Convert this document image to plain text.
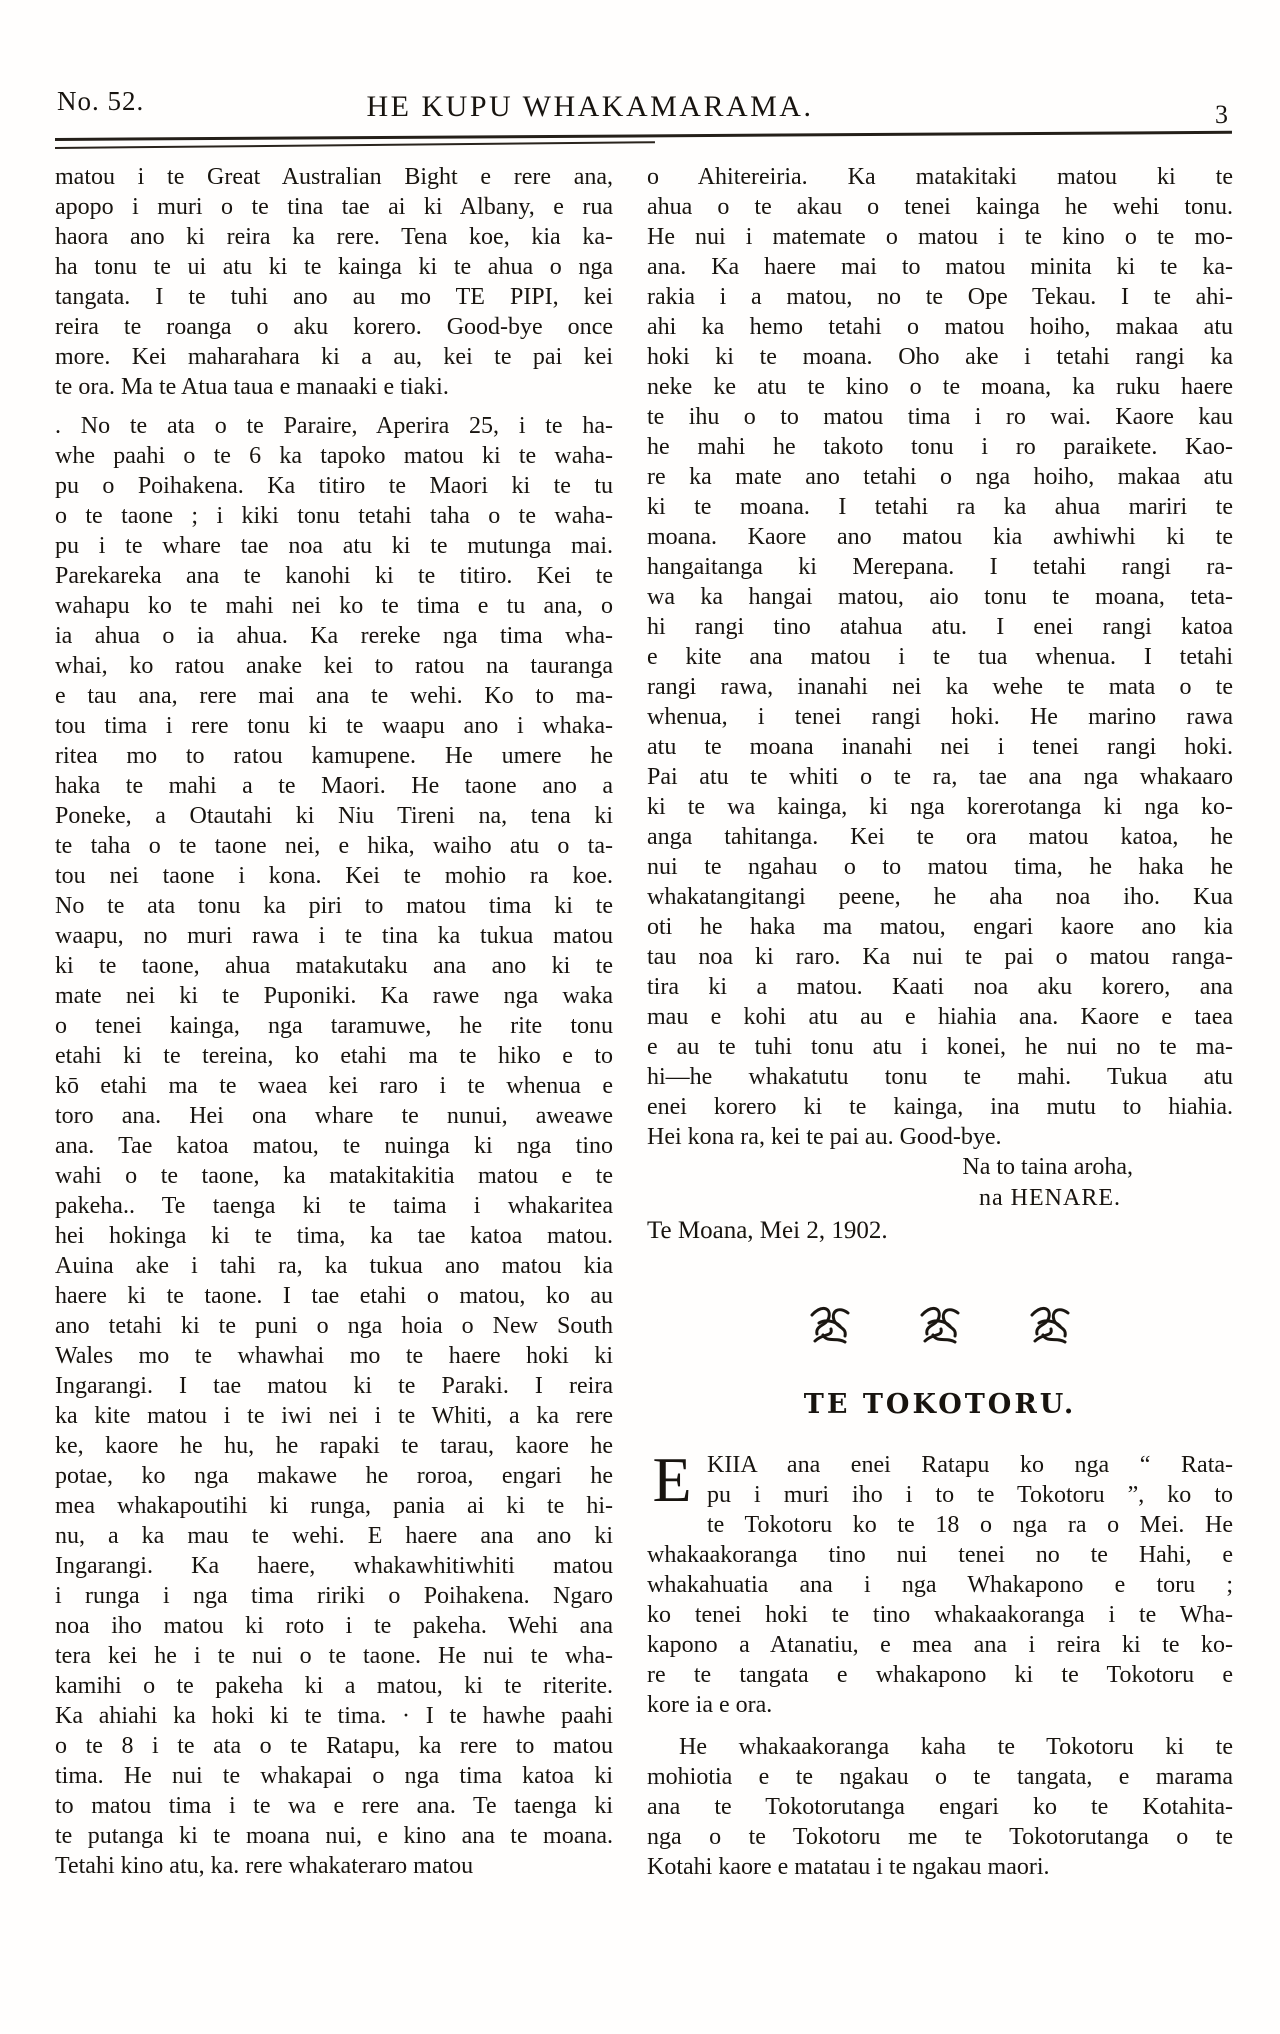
No. 52.	HE KUPU WHAKAMARAMA.	3
matou i te Great Australian Bight e rere ana,
apopo i muri o te tina tae ai ki Albany, e rua
haora ano ki reira ka rere. Tena koe, kia ka-
ha tonu te ui atu ki te kainga ki te ahua o nga
tangata. I te tuhi ano au mo TE PIPI, kei
reira te roanga o aku korero. Good-bye once
more. Kei maharahara ki a au, kei te pai kei
te ora. Ma te Atua taua e manaaki e tiaki.
. No te ata o te Paraire, Aperira 25, i te ha-
whe paahi o te 6 ka tapoko matou ki te waha-
pu o Poihakena. Ka titiro te Maori ki te tu
o te taone ; i kiki tonu tetahi taha o te waha-
pu i te whare tae noa atu ki te mutunga mai.
Parekareka ana te kanohi ki te titiro. Kei te
wahapu ko te mahi nei ko te tima e tu ana, o
ia ahua o ia ahua. Ka rereke nga tima wha-
whai, ko ratou anake kei to ratou na tauranga
e tau ana, rere mai ana te wehi. Ko to ma-
tou tima i rere tonu ki te waapu ano i whaka-
ritea mo to ratou kamupene. He umere he
haka te mahi a te Maori. He taone ano a
Poneke, a Otautahi ki Niu Tireni na, tena ki
te taha o te taone nei, e hika, waiho atu o ta-
tou nei taone i kona. Kei te mohio ra koe.
No te ata tonu ka piri to matou tima ki te
waapu, no muri rawa i te tina ka tukua matou
ki te taone, ahua matakutaku ana ano ki te
mate nei ki te Puponiki. Ka rawe nga waka
o tenei kainga, nga taramuwe, he rite tonu
etahi ki te tereina, ko etahi ma te hiko e to
kō etahi ma te waea kei raro i te whenua e
toro ana. Hei ona whare te nunui, aweawe
ana. Tae katoa matou, te nuinga ki nga tino
wahi o te taone, ka matakitakitia matou e te
pakeha.. Te taenga ki te taima i whakaritea
hei hokinga ki te tima, ka tae katoa matou.
Auina ake i tahi ra, ka tukua ano matou kia
haere ki te taone. I tae etahi o matou, ko au
ano tetahi ki te puni o nga hoia o New South
Wales mo te whawhai mo te haere hoki ki
Ingarangi. I tae matou ki te Paraki. I reira
ka kite matou i te iwi nei i te Whiti, a ka rere
ke, kaore he hu, he rapaki te tarau, kaore he
potae, ko nga makawe he roroa, engari he
mea whakapoutihi ki runga, pania ai ki te hi-
nu, a ka mau te wehi. E haere ana ano ki
Ingarangi. Ka haere, whakawhitiwhiti matou
i runga i nga tima ririki o Poihakena. Ngaro
noa iho matou ki roto i te pakeha. Wehi ana
tera kei he i te nui o te taone. He nui te wha-
kamihi o te pakeha ki a matou, ki te riterite.
Ka ahiahi ka hoki ki te tima. · I te hawhe paahi
o te 8 i te ata o te Ratapu, ka rere to matou
tima. He nui te whakapai o nga tima katoa ki
to matou tima i te wa e rere ana. Te taenga ki
te putanga ki te moana nui, e kino ana te moana.
Tetahi kino atu, ka. rere whakateraro matou
o Ahitereiria. Ka matakitaki matou ki te
ahua o te akau o tenei kainga he wehi tonu.
He nui i matemate o matou i te kino o te mo-
ana. Ka haere mai to matou minita ki te ka-
rakia i a matou, no te Ope Tekau. I te ahi-
ahi ka hemo tetahi o matou hoiho, makaa atu
hoki ki te moana. Oho ake i tetahi rangi ka
neke ke atu te kino o te moana, ka ruku haere
te ihu o to matou tima i ro wai. Kaore kau
he mahi he takoto tonu i ro paraikete. Kao-
re ka mate ano tetahi o nga hoiho, makaa atu
ki te moana. I tetahi ra ka ahua mariri te
moana. Kaore ano matou kia awhiwhi ki te
hangaitanga ki Merepana. I tetahi rangi ra-
wa ka hangai matou, aio tonu te moana, teta-
hi rangi tino atahua atu. I enei rangi katoa
e kite ana matou i te tua whenua. I tetahi
rangi rawa, inanahi nei ka wehe te mata o te
whenua, i tenei rangi hoki. He marino rawa
atu te moana inanahi nei i tenei rangi hoki.
Pai atu te whiti o te ra, tae ana nga whakaaro
ki te wa kainga, ki nga korerotanga ki nga ko-
anga tahitanga. Kei te ora matou katoa, he
nui te ngahau o to matou tima, he haka he
whakatangitangi peene, he aha noa iho. Kua
oti he haka ma matou, engari kaore ano kia
tau noa ki raro. Ka nui te pai o matou ranga-
tira ki a matou. Kaati noa aku korero, ana
mau e kohi atu au e hiahia ana. Kaore e taea
e au te tuhi tonu atu i konei, he nui no te ma-
hi—he whakatutu tonu te mahi. Tukua atu
enei korero ki te kainga, ina mutu to hiahia.
Hei kona ra, kei te pai au. Good-bye.
Na to taina aroha,
na HENARE.
Te Moana, Mei 2, 1902.
TE TOKOTORU.
E KIIA ana enei Ratapu ko nga “ Rata-
pu i muri iho i to te Tokotoru ”, ko to
te Tokotoru ko te 18 o nga ra o Mei. He
whakaakoranga tino nui tenei no te Hahi, e
whakahuatia ana i nga Whakapono e toru ;
ko tenei hoki te tino whakaakoranga i te Wha-
kapono a Atanatiu, e mea ana i reira ki te ko-
re te tangata e whakapono ki te Tokotoru e
kore ia e ora.
He whakaakoranga kaha te Tokotoru ki te
mohiotia e te ngakau o te tangata, e marama
ana te Tokotorutanga engari ko te Kotahita-
nga o te Tokotoru me te Tokotorutanga o te
Kotahi kaore e matatau i te ngakau maori.
